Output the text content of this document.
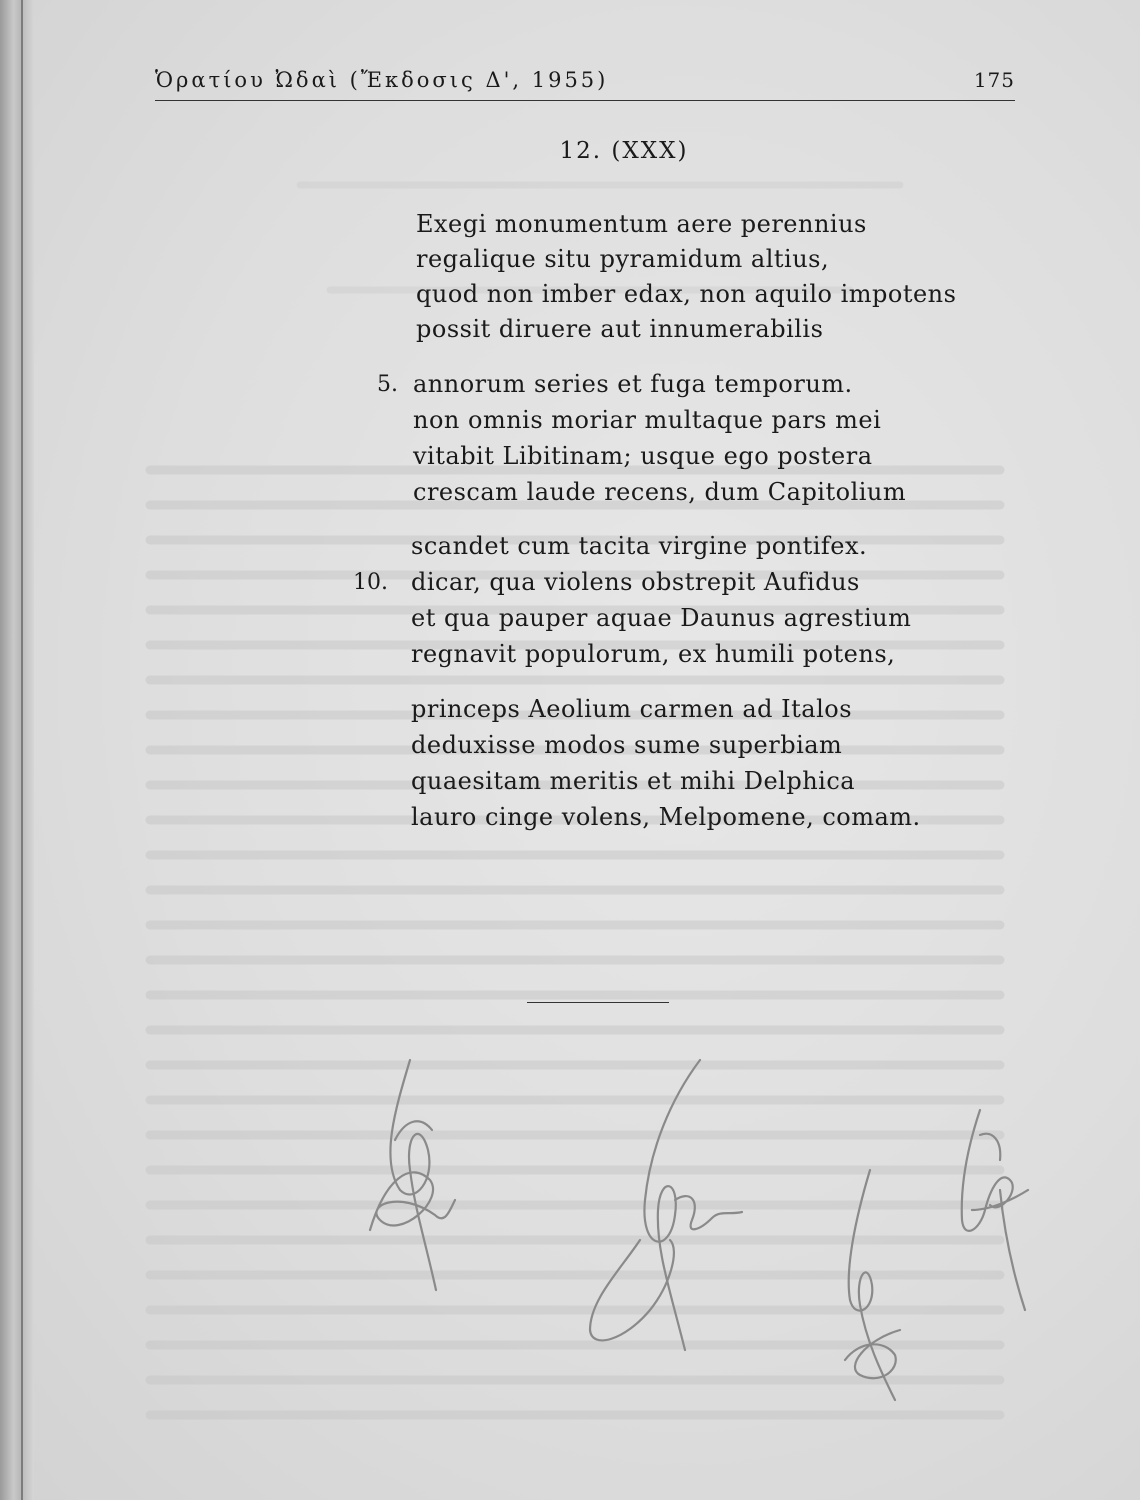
Ὁρατίου Ὠδαὶ (Ἔκδοσις Δ', 1955)	175
12. (XXX)
Exegi monumentum aere perennius
regalique situ pyramidum altius,
quod non imber edax, non aquilo impotens
possit diruere aut innumerabilis
5. annorum series et fuga temporum.
non omnis moriar multaque pars mei
vitabit Libitinam; usque ego postera
crescam laude recens, dum Capitolium
scandet cum tacita virgine pontifex.
10. dicar, qua violens obstrepit Aufidus
et qua pauper aquae Daunus agrestium
regnavit populorum, ex humili potens,
princeps Aeolium carmen ad Italos
deduxisse modos sume superbiam
quaesitam meritis et mihi Delphica
lauro cinge volens, Melpomene, comam.
